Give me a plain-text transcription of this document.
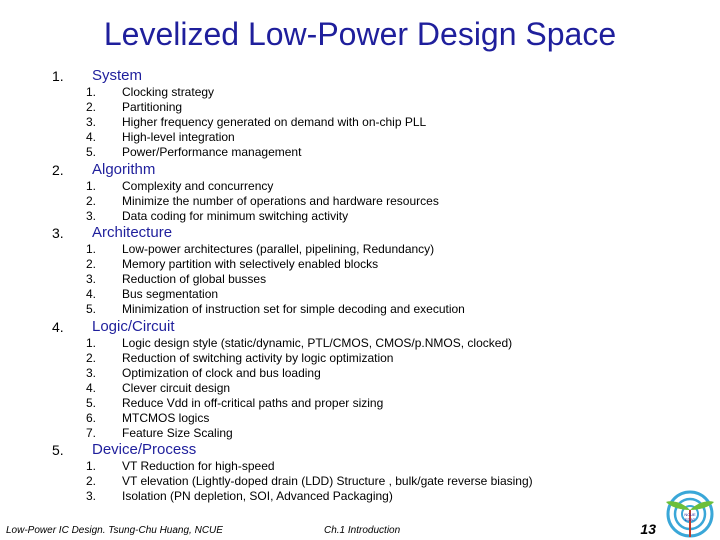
Levelized Low-Power Design Space
1. System
1. Clocking strategy
2. Partitioning
3. Higher frequency generated on demand with on-chip PLL
4. High-level integration
5. Power/Performance management
2. Algorithm
1. Complexity and concurrency
2. Minimize the number of operations and hardware resources
3. Data coding for minimum switching activity
3. Architecture
1. Low-power architectures (parallel, pipelining, Redundancy)
2. Memory partition with selectively enabled blocks
3. Reduction of global busses
4. Bus segmentation
5. Minimization of instruction set for simple decoding and execution
4. Logic/Circuit
1. Logic design style (static/dynamic, PTL/CMOS, CMOS/p.NMOS, clocked)
2. Reduction of switching activity by logic optimization
3. Optimization of clock and bus loading
4. Clever circuit design
5. Reduce Vdd in off-critical paths and proper sizing
6. MTCMOS logics
7. Feature Size Scaling
5. Device/Process
1. VT Reduction for high-speed
2. VT elevation (Lightly-doped drain (LDD) Structure , bulk/gate reverse biasing)
3. Isolation (PN depletion, SOI, Advanced Packaging)
Low-Power IC Design. Tsung-Chu Huang, NCUE	Ch.1 Introduction	13
NCUE
EDAT
